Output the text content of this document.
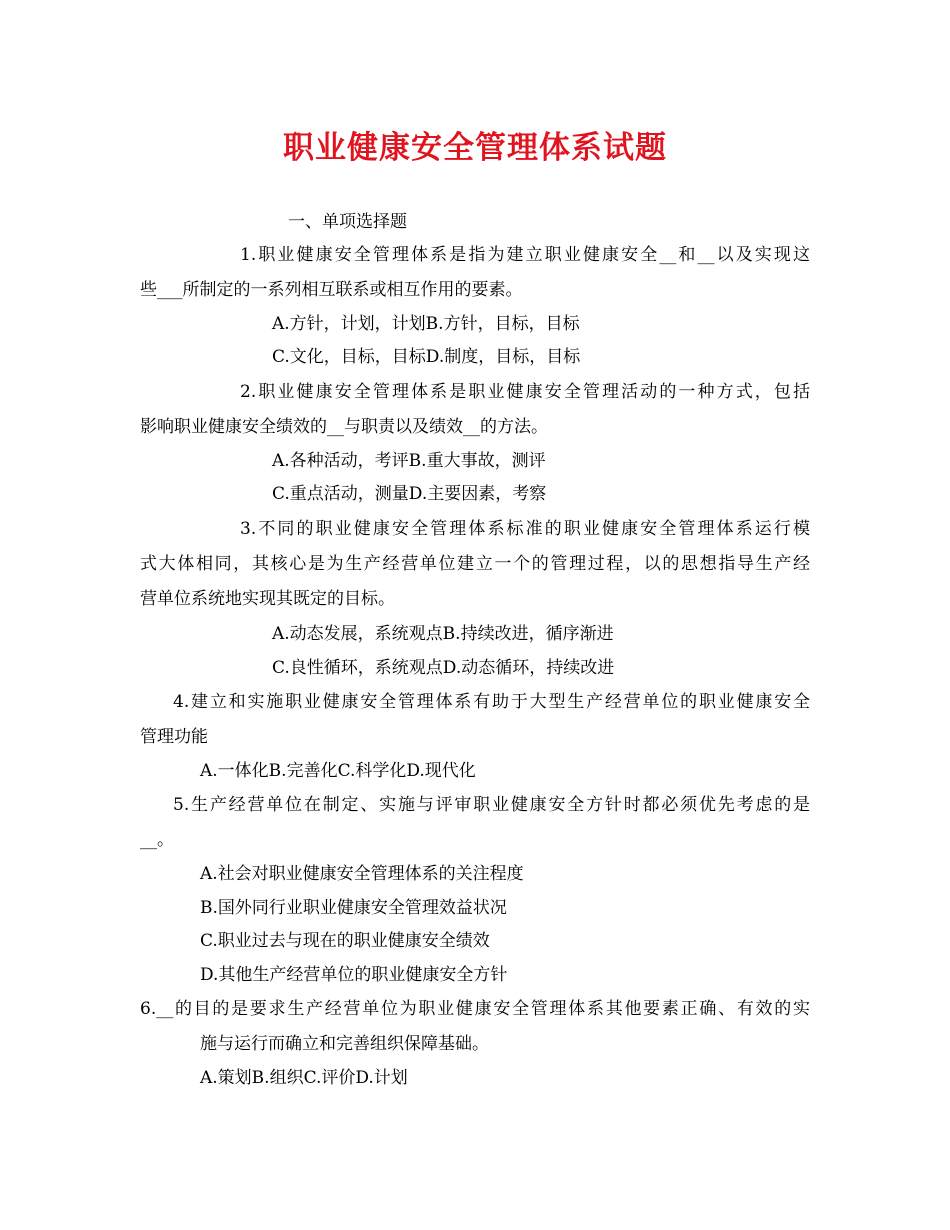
职业健康安全管理体系试题
一、单项选择题
1.职业健康安全管理体系是指为建立职业健康安全__和__以及实现这
些___所制定的一系列相互联系或相互作用的要素。
A.方针，计划，计划B.方针，目标，目标
C.文化，目标，目标D.制度，目标，目标
2.职业健康安全管理体系是职业健康安全管理活动的一种方式，包括
影响职业健康安全绩效的__与职责以及绩效__的方法。
A.各种活动，考评B.重大事故，测评
C.重点活动，测量D.主要因素，考察
3.不同的职业健康安全管理体系标准的职业健康安全管理体系运行模
式大体相同，其核心是为生产经营单位建立一个的管理过程，以的思想指导生产经
营单位系统地实现其既定的目标。
A.动态发展，系统观点B.持续改进，循序渐进
C.良性循环，系统观点D.动态循环，持续改进
4.建立和实施职业健康安全管理体系有助于大型生产经营单位的职业健康安全
管理功能
A.一体化B.完善化C.科学化D.现代化
5.生产经营单位在制定、实施与评审职业健康安全方针时都必须优先考虑的是
__。
A.社会对职业健康安全管理体系的关注程度
B.国外同行业职业健康安全管理效益状况
C.职业过去与现在的职业健康安全绩效
D.其他生产经营单位的职业健康安全方针
6.__的目的是要求生产经营单位为职业健康安全管理体系其他要素正确、有效的实
施与运行而确立和完善组织保障基础。
A.策划B.组织C.评价D.计划
